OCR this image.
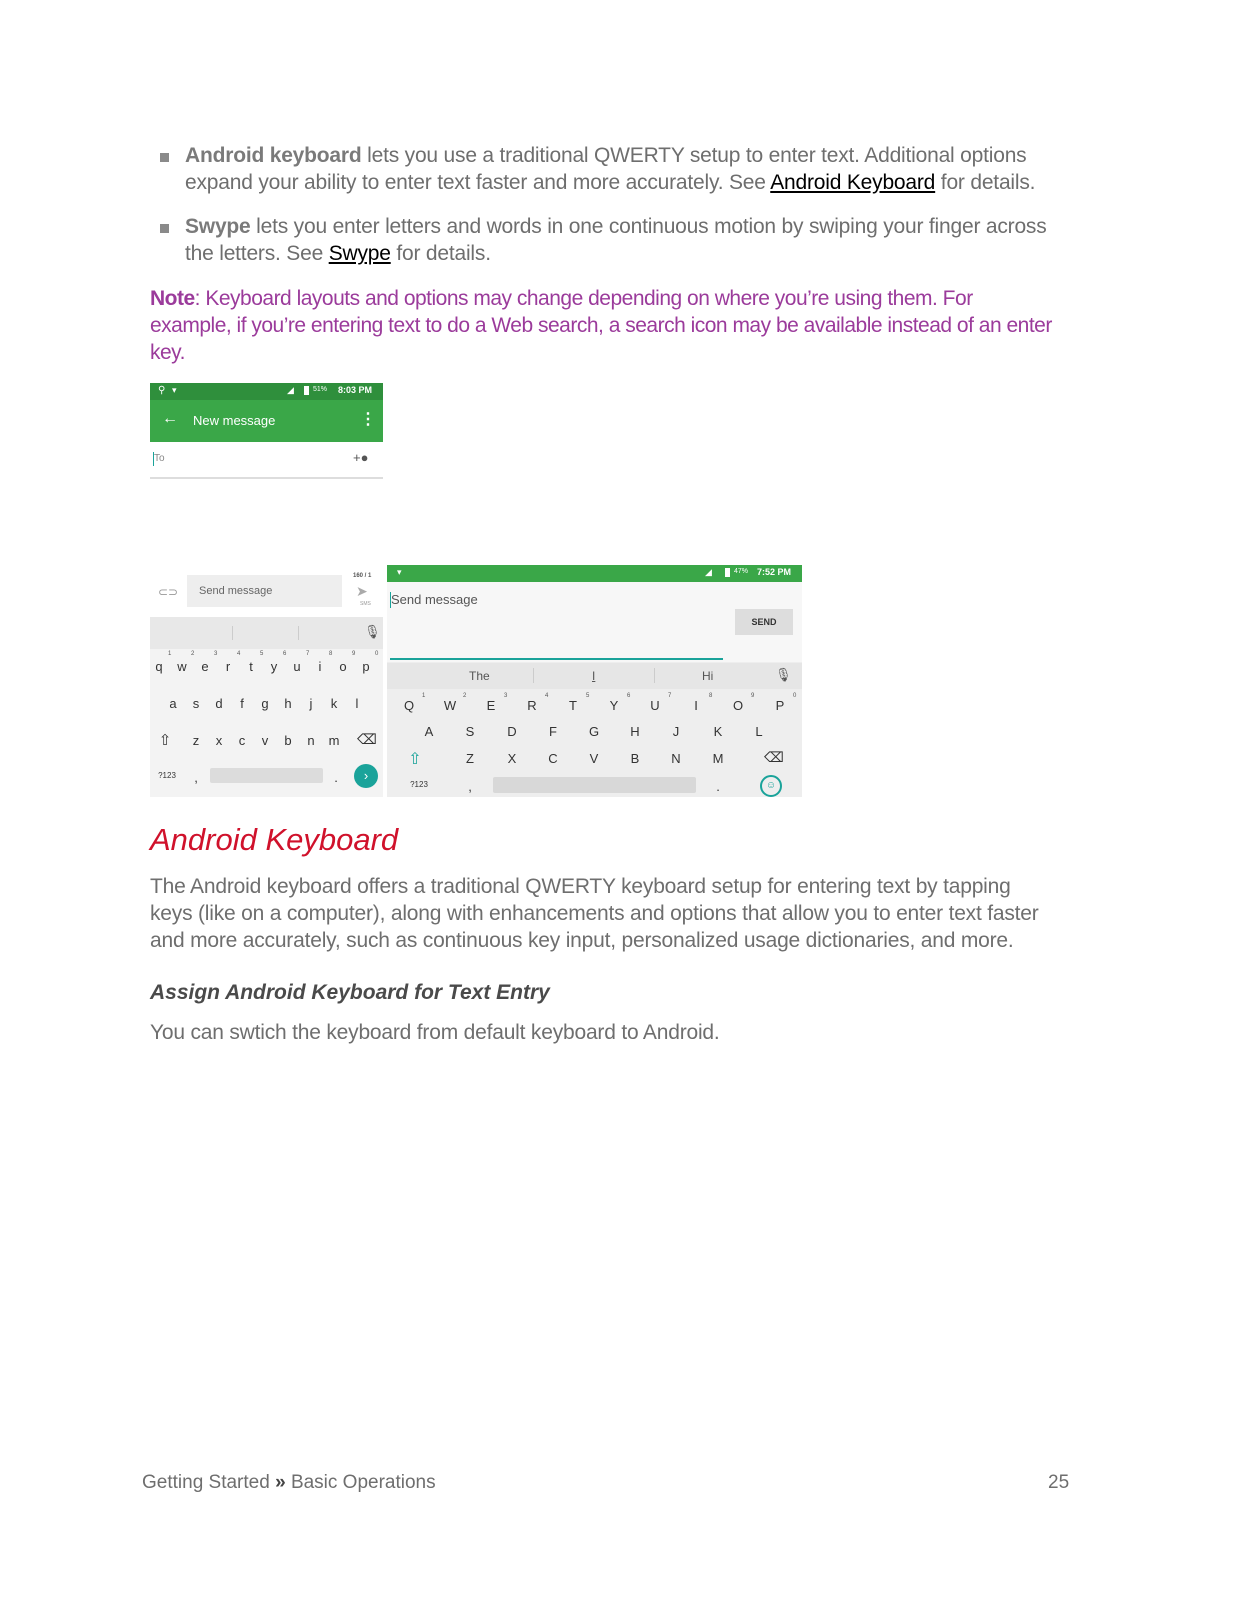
Android keyboard lets you use a traditional QWERTY setup to enter text. Additional options
expand your ability to enter text faster and more accurately. See Android Keyboard for details.
Swype lets you enter letters and words in one continuous motion by swiping your finger across
the letters. See Swype for details.
Note: Keyboard layouts and options may change depending on where you’re using them. For
example, if you’re entering text to do a Web search, a search icon may be available instead of an enter
key.
⚲ ▾	◢	51% 8:03 PM
← New message	⋮
To	+●
⊂⊃ Send message
160 / 1
➤
SMS
🎙
q	w	e	r	t	y	u	i	o	p
1	2	3	4	5	6	7	8	9	0
a	s	d	f	g	h	j	k	l
⇧	z	x	c	v	b	n	m ⌫
?123	,	.	›
▾	◢	47% 7:52 PM
Send message
SEND
The	I	Hi	🎙
Q W E R	T	Y U	I	O	P
1	2	3	4	5	6	7	8	9	0
A S	D	F	G H	J	K	L
⇧	Z	X C V B N M	⌫
?123	,	.	☺
Android Keyboard
The Android keyboard offers a traditional QWERTY keyboard setup for entering text by tapping
keys (like on a computer), along with enhancements and options that allow you to enter text faster
and more accurately, such as continuous key input, personalized usage dictionaries, and more.
Assign Android Keyboard for Text Entry
You can swtich the keyboard from default keyboard to Android.
Getting Started » Basic Operations	25
